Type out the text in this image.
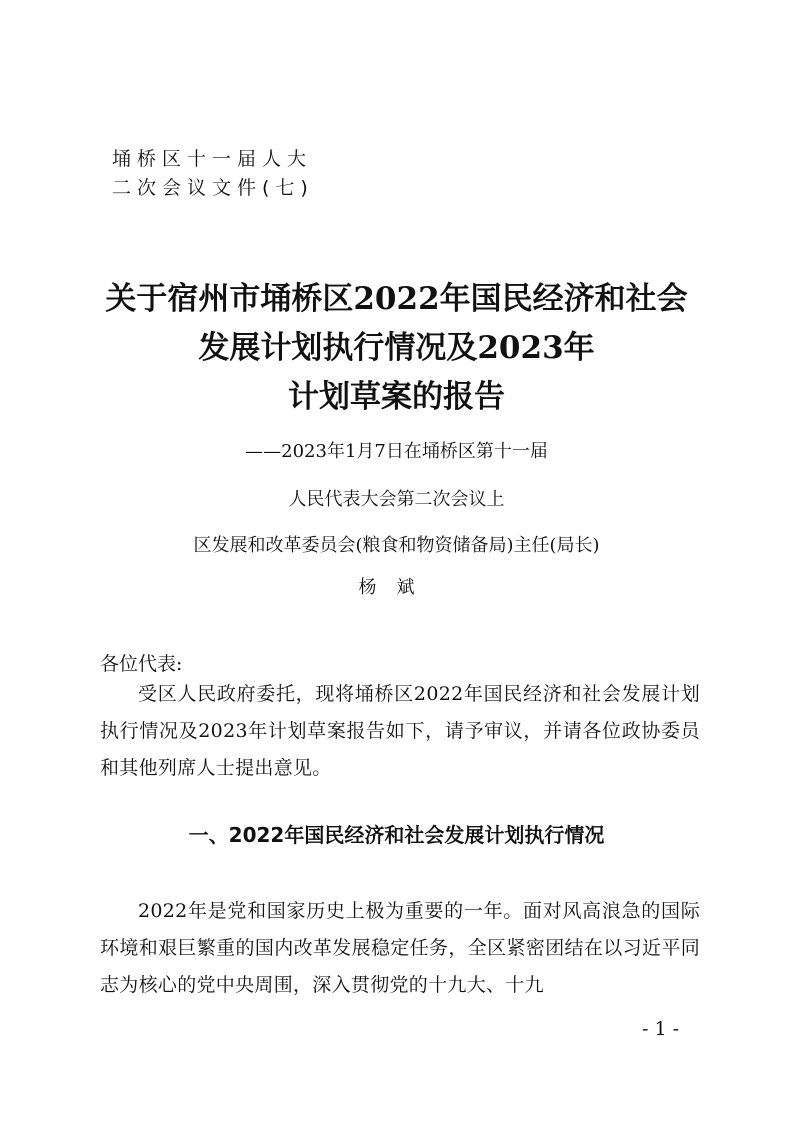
埇桥区十一届人大
二次会议文件(七)
关于宿州市埇桥区2022年国民经济和社会
发展计划执行情况及2023年
计划草案的报告
——2023年1月7日在埇桥区第十一届
人民代表大会第二次会议上
区发展和改革委员会(粮食和物资储备局)主任(局长)
杨斌
各位代表:
受区人民政府委托，现将埇桥区2022年国民经济和社会发展计划执行情况及2023年计划草案报告如下，请予审议，并请各位政协委员和其他列席人士提出意见。
一、2022年国民经济和社会发展计划执行情况
2022年是党和国家历史上极为重要的一年。面对风高浪急的国际环境和艰巨繁重的国内改革发展稳定任务，全区紧密团结在以习近平同志为核心的党中央周围，深入贯彻党的十九大、十九
- 1 -
